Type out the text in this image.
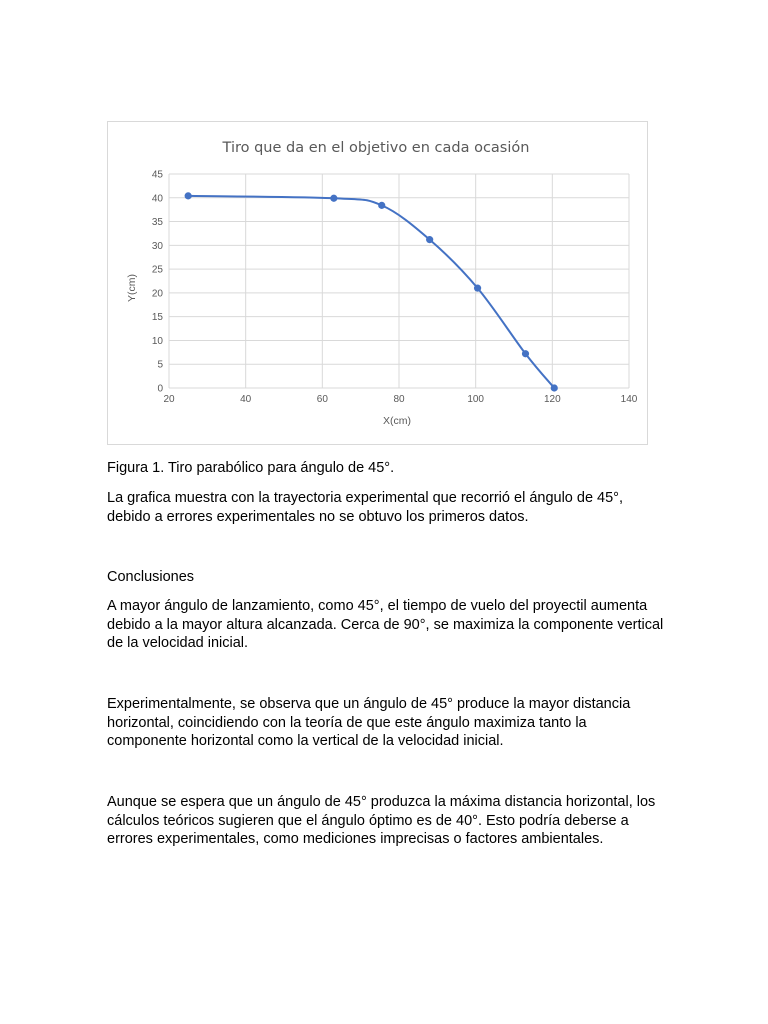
Tiro que da en el objetivo en cada ocasión
20	40	60	80	100	120	140
0
5
10
15
20
25
30
35
40
45
X(cm)
Y(cm)

Figura 1. Tiro parabólico para ángulo de 45°.

La grafica muestra con la trayectoria experimental que recorrió el ángulo de 45°, debido a errores experimentales no se obtuvo los primeros datos.

Conclusiones

A mayor ángulo de lanzamiento, como 45°, el tiempo de vuelo del proyectil aumenta debido a la mayor altura alcanzada. Cerca de 90°, se maximiza la componente vertical de la velocidad inicial.

Experimentalmente, se observa que un ángulo de 45° produce la mayor distancia horizontal, coincidiendo con la teoría de que este ángulo maximiza tanto la componente horizontal como la vertical de la velocidad inicial.

Aunque se espera que un ángulo de 45° produzca la máxima distancia horizontal, los cálculos teóricos sugieren que el ángulo óptimo es de 40°. Esto podría deberse a errores experimentales, como mediciones imprecisas o factores ambientales.
